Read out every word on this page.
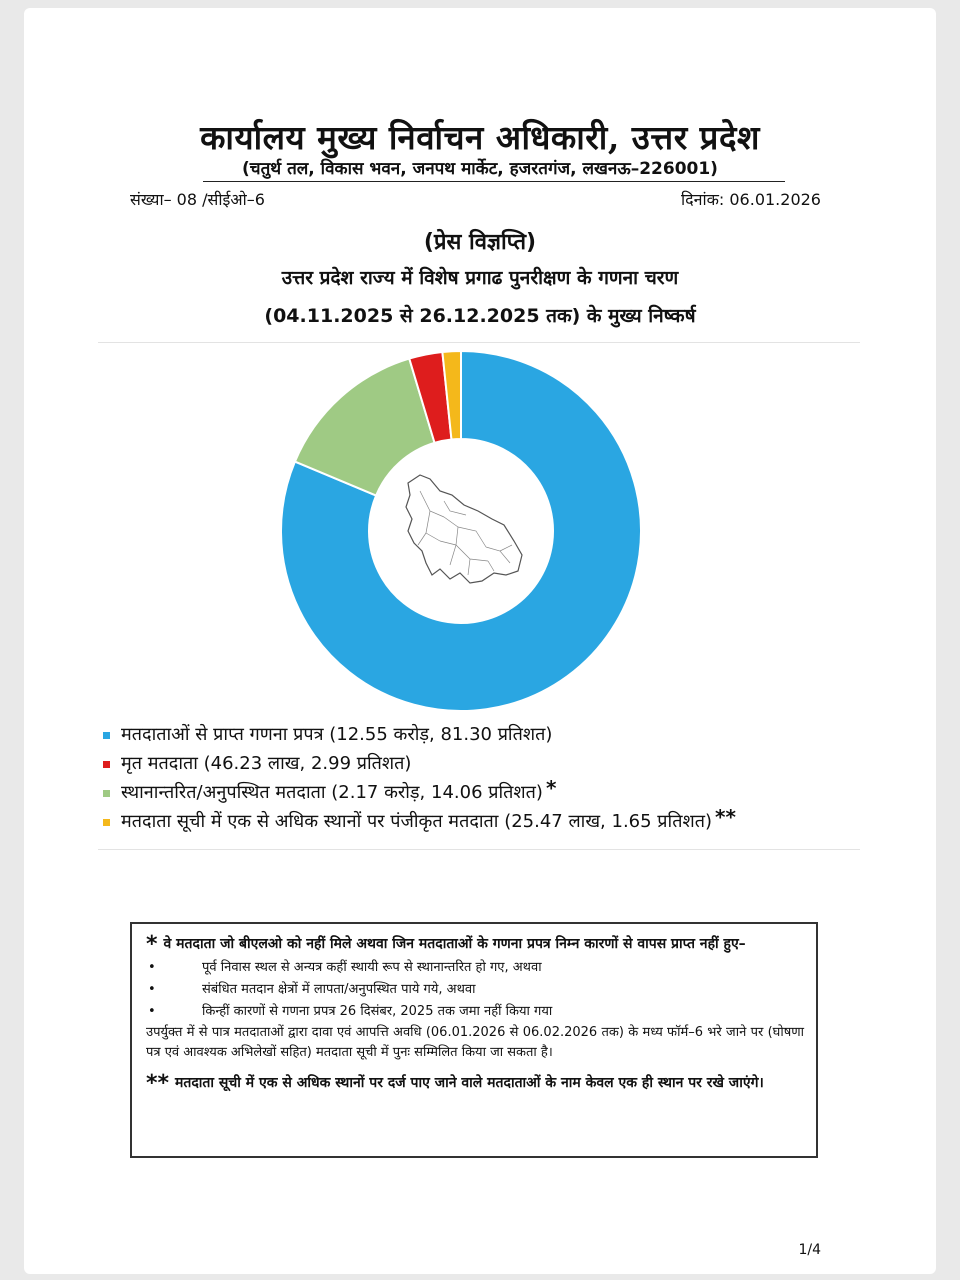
कार्यालय मुख्य निर्वाचन अधिकारी, उत्तर प्रदेश
(चतुर्थ तल, विकास भवन, जनपथ मार्केट, हजरतगंज, लखनऊ–226001)
संख्या– 08 /सीईओ–6	दिनांक: 06.01.2026
(प्रेस विज्ञप्ति)
उत्तर प्रदेश राज्य में विशेष प्रगाढ पुनरीक्षण के गणना चरण
(04.11.2025 से 26.12.2025 तक) के मुख्य निष्कर्ष
मतदाताओं से प्राप्त गणना प्रपत्र (12.55 करोड़, 81.30 प्रतिशत)
मृत मतदाता (46.23 लाख, 2.99 प्रतिशत)
स्थानान्तरित/अनुपस्थित मतदाता (2.17 करोड़, 14.06 प्रतिशत) *
मतदाता सूची में एक से अधिक स्थानों पर पंजीकृत मतदाता (25.47 लाख, 1.65 प्रतिशत) **
* वे मतदाता जो बीएलओ को नहीं मिले अथवा जिन मतदाताओं के गणना प्रपत्र निम्न कारणों से वापस प्राप्त नहीं हुए–
•	पूर्व निवास स्थल से अन्यत्र कहीं स्थायी रूप से स्थानान्तरित हो गए, अथवा
•	संबंधित मतदान क्षेत्रों में लापता/अनुपस्थित पाये गये, अथवा
•	किन्हीं कारणों से गणना प्रपत्र 26 दिसंबर, 2025 तक जमा नहीं किया गया
उपर्युक्त में से पात्र मतदाताओं द्वारा दावा एवं आपत्ति अवधि (06.01.2026 से 06.02.2026 तक) के मध्य फॉर्म–6 भरे जाने पर (घोषणा पत्र एवं आवश्यक अभिलेखों सहित) मतदाता सूची में पुनः सम्मिलित किया जा सकता है।
** मतदाता सूची में एक से अधिक स्थानों पर दर्ज पाए जाने वाले मतदाताओं के नाम केवल एक ही स्थान पर रखे जाएंगे।
1/4
